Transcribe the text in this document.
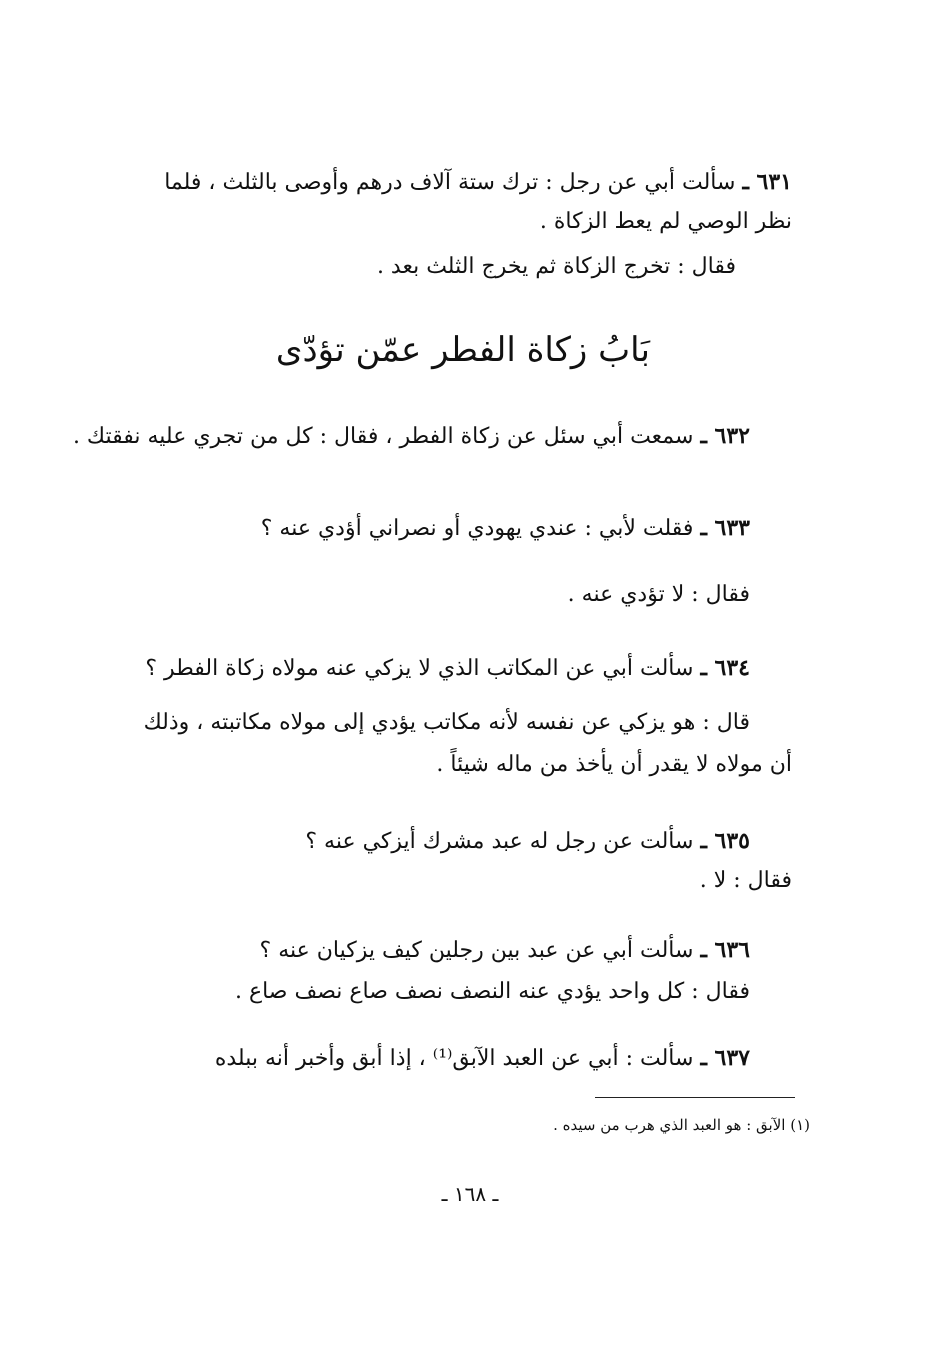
٦٣١ ـ سألت أبي عن رجل : ترك ستة آلاف درهم وأوصى بالثلث ، فلما

نظر الوصي لم يعط الزكاة .

فقال : تخرج الزكاة ثم يخرج الثلث بعد .

بَابُ زكاة الفطر عمّن تؤدّى

٦٣٢ ـ سمعت أبي سئل عن زكاة الفطر ، فقال : كل من تجري عليه نفقتك .

٦٣٣ ـ فقلت لأبي : عندي يهودي أو نصراني أؤدي عنه ؟

فقال : لا تؤدي عنه .

٦٣٤ ـ سألت أبي عن المكاتب الذي لا يزكي عنه مولاه زكاة الفطر ؟

قال : هو يزكي عن نفسه لأنه مكاتب يؤدي إلى مولاه مكاتبته ، وذلك

أن مولاه لا يقدر أن يأخذ من ماله شيئاً .

٦٣٥ ـ سألت عن رجل له عبد مشرك أيزكي عنه ؟

فقال : لا .

٦٣٦ ـ سألت أبي عن عبد بين رجلين كيف يزكيان عنه ؟

فقال : كل واحد يؤدي عنه النصف نصف صاع نصف صاع .

٦٣٧ ـ سألت : أبي عن العبد الآبق⁽¹⁾ ، إذا أبق وأخبر أنه ببلده

(١) الآبق : هو العبد الذي هرب من سيده .
ـ ١٦٨ ـ
